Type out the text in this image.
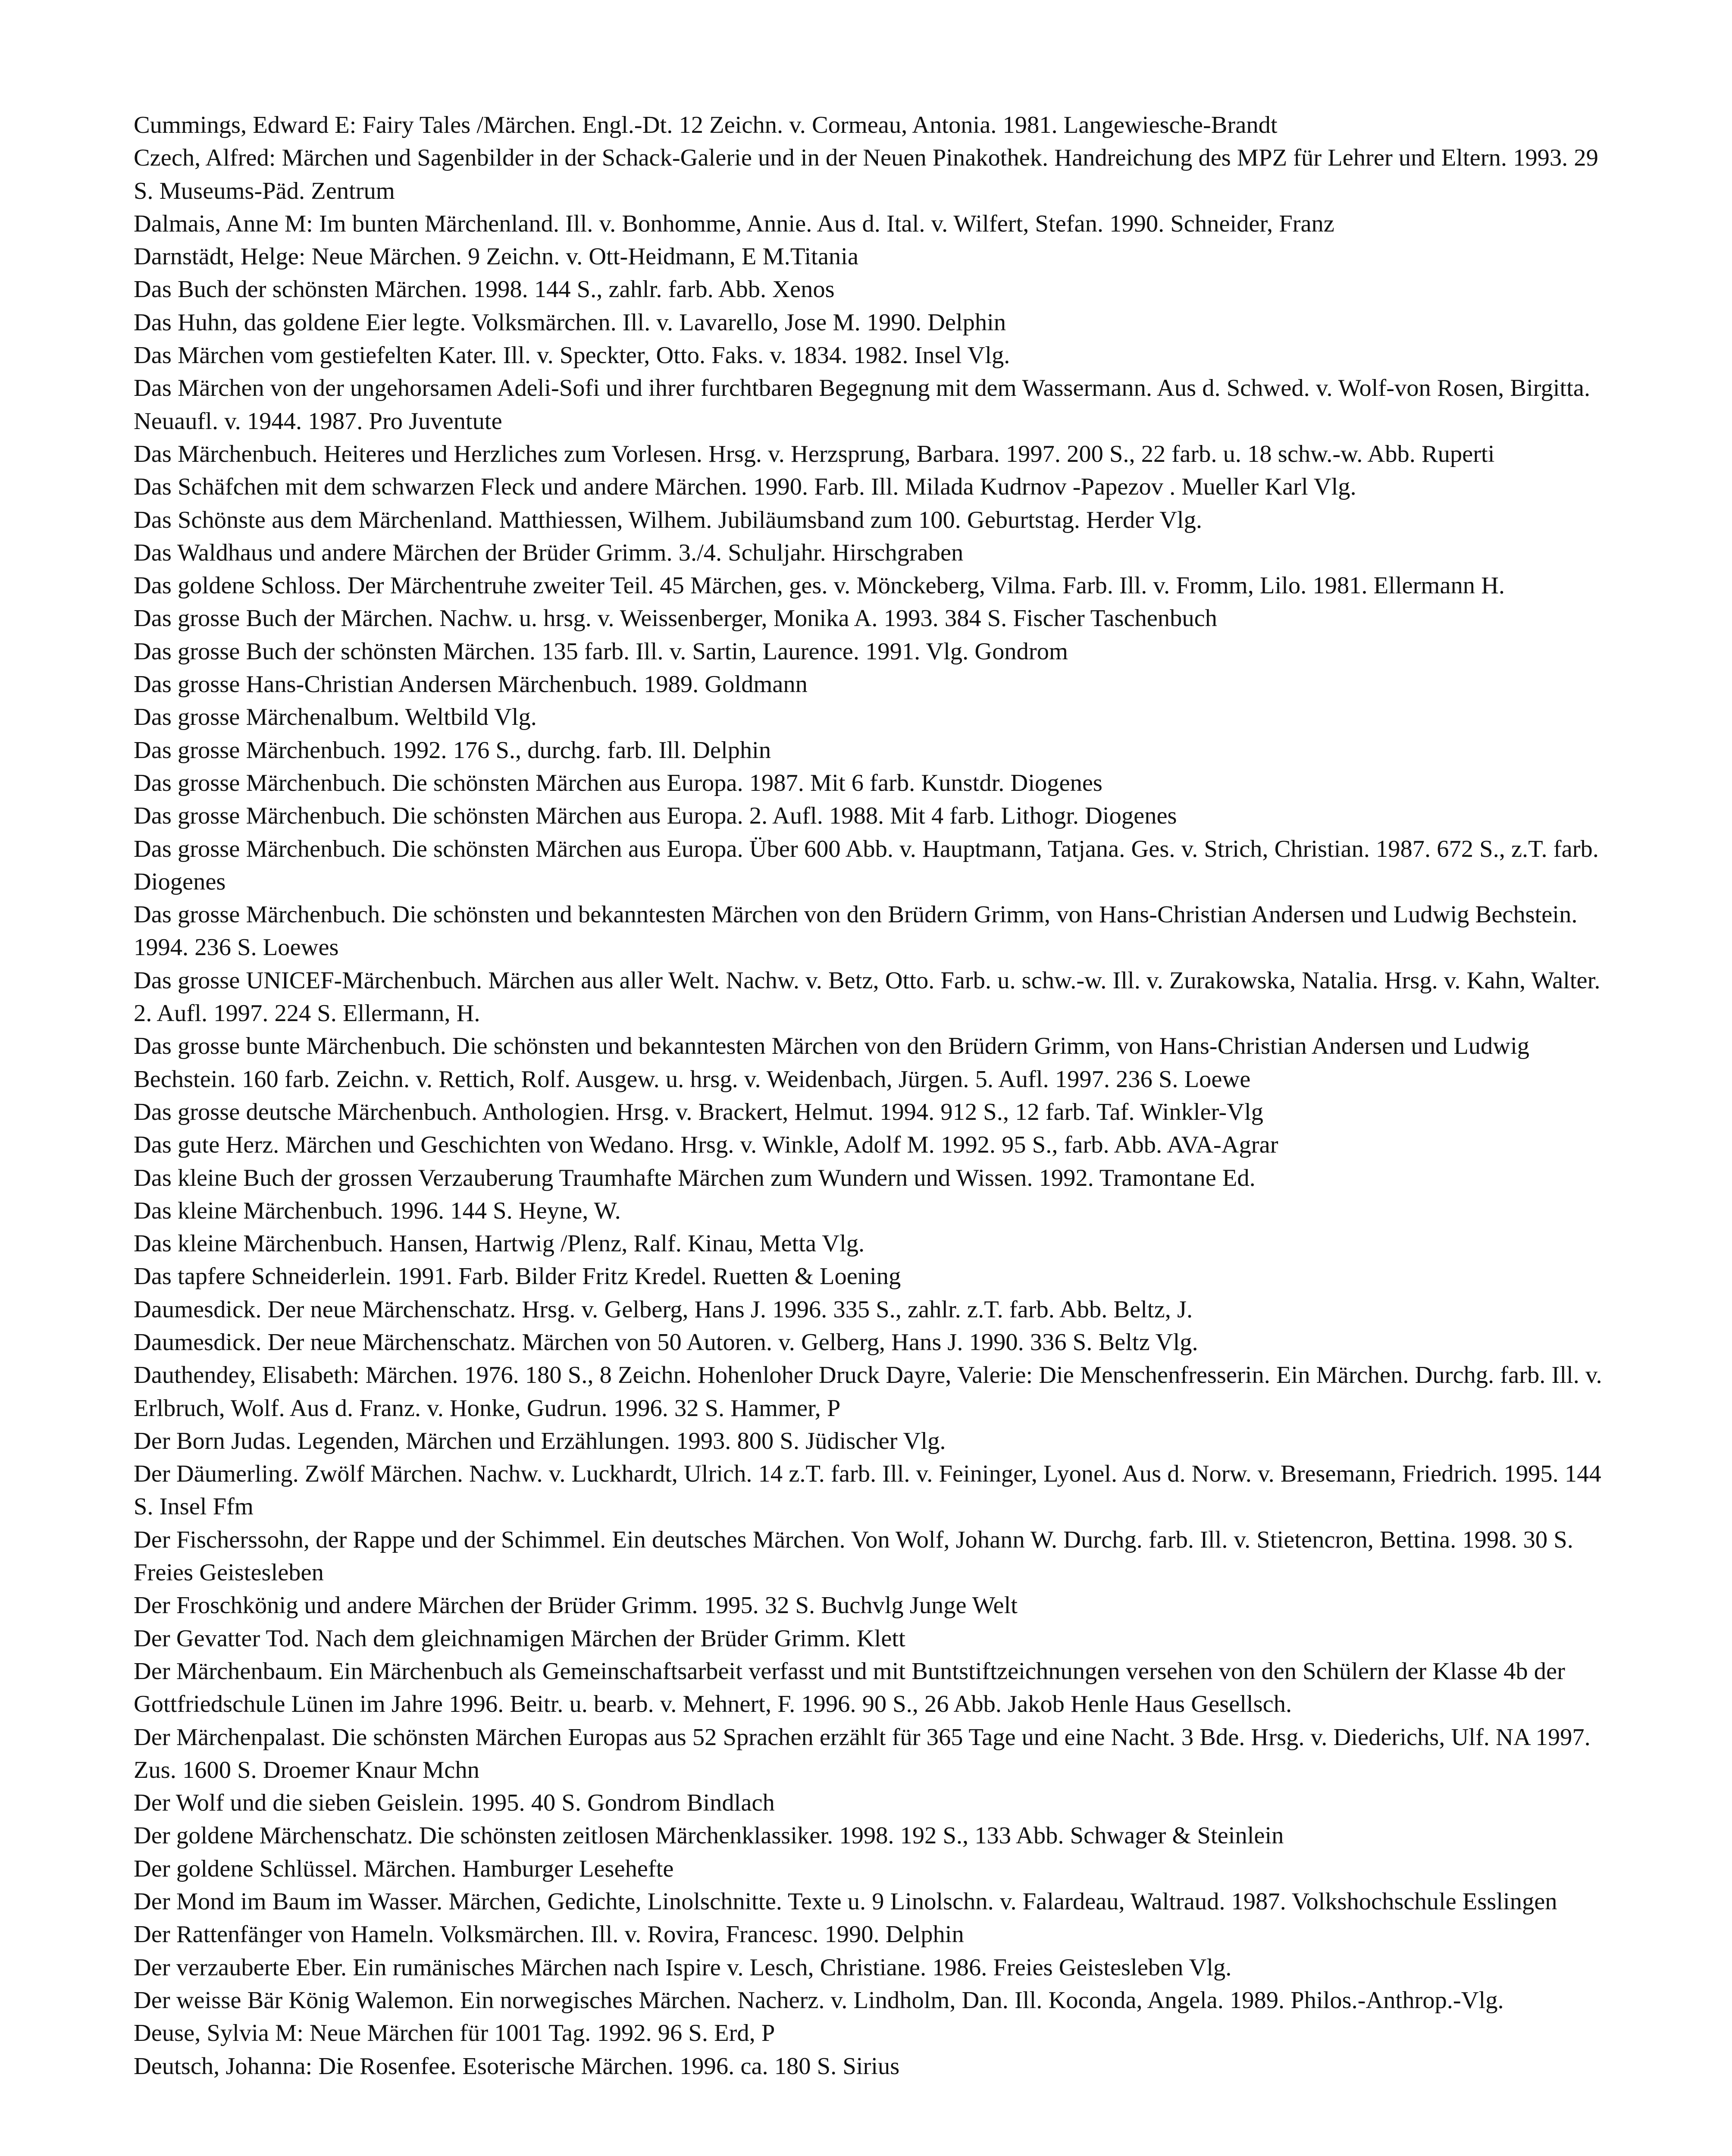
Cummings, Edward E: Fairy Tales /Märchen. Engl.-Dt. 12 Zeichn. v. Cormeau, Antonia. 1981. Langewiesche-Brandt
Czech, Alfred: Märchen und Sagenbilder in der Schack-Galerie und in der Neuen Pinakothek. Handreichung des MPZ für Lehrer und Eltern. 1993. 29 S. Museums-Päd. Zentrum
Dalmais, Anne M: Im bunten Märchenland. Ill. v. Bonhomme, Annie. Aus d. Ital. v. Wilfert, Stefan. 1990. Schneider, Franz
Darnstädt, Helge: Neue Märchen. 9 Zeichn. v. Ott-Heidmann, E M.Titania
Das Buch der schönsten Märchen. 1998. 144 S., zahlr. farb. Abb. Xenos
Das Huhn, das goldene Eier legte. Volksmärchen. Ill. v. Lavarello, Jose M. 1990. Delphin
Das Märchen vom gestiefelten Kater. Ill. v. Speckter, Otto. Faks. v. 1834. 1982. Insel Vlg.
Das Märchen von der ungehorsamen Adeli-Sofi und ihrer furchtbaren Begegnung mit dem Wassermann. Aus d. Schwed. v. Wolf-von Rosen, Birgitta. Neuaufl. v. 1944. 1987. Pro Juventute
Das Märchenbuch. Heiteres und Herzliches zum Vorlesen. Hrsg. v. Herzsprung, Barbara. 1997. 200 S., 22 farb. u. 18 schw.-w. Abb. Ruperti
Das Schäfchen mit dem schwarzen Fleck und andere Märchen. 1990. Farb. Ill. Milada Kudrnov -Papezov . Mueller Karl Vlg.
Das Schönste aus dem Märchenland. Matthiessen, Wilhem. Jubiläumsband zum 100. Geburtstag. Herder Vlg.
Das Waldhaus und andere Märchen der Brüder Grimm. 3./4. Schuljahr. Hirschgraben
Das goldene Schloss. Der Märchentruhe zweiter Teil. 45 Märchen, ges. v. Mönckeberg, Vilma. Farb. Ill. v. Fromm, Lilo. 1981. Ellermann H.
Das grosse Buch der Märchen. Nachw. u. hrsg. v. Weissenberger, Monika A. 1993. 384 S. Fischer Taschenbuch
Das grosse Buch der schönsten Märchen. 135 farb. Ill. v. Sartin, Laurence. 1991. Vlg. Gondrom
Das grosse Hans-Christian Andersen Märchenbuch. 1989. Goldmann
Das grosse Märchenalbum. Weltbild Vlg.
Das grosse Märchenbuch. 1992. 176 S., durchg. farb. Ill. Delphin
Das grosse Märchenbuch. Die schönsten Märchen aus Europa. 1987. Mit 6 farb. Kunstdr. Diogenes
Das grosse Märchenbuch. Die schönsten Märchen aus Europa. 2. Aufl. 1988. Mit 4 farb. Lithogr. Diogenes
Das grosse Märchenbuch. Die schönsten Märchen aus Europa. Über 600 Abb. v. Hauptmann, Tatjana. Ges. v. Strich, Christian. 1987. 672 S., z.T. farb. Diogenes
Das grosse Märchenbuch. Die schönsten und bekanntesten Märchen von den Brüdern Grimm, von Hans-Christian Andersen und Ludwig Bechstein. 1994. 236 S. Loewes
Das grosse UNICEF-Märchenbuch. Märchen aus aller Welt. Nachw. v. Betz, Otto. Farb. u. schw.-w. Ill. v. Zurakowska, Natalia. Hrsg. v. Kahn, Walter. 2. Aufl. 1997. 224 S. Ellermann, H.
Das grosse bunte Märchenbuch. Die schönsten und bekanntesten Märchen von den Brüdern Grimm, von Hans-Christian Andersen und Ludwig Bechstein. 160 farb. Zeichn. v. Rettich, Rolf. Ausgew. u. hrsg. v. Weidenbach, Jürgen. 5. Aufl. 1997. 236 S. Loewe
Das grosse deutsche Märchenbuch. Anthologien. Hrsg. v. Brackert, Helmut. 1994. 912 S., 12 farb. Taf. Winkler-Vlg
Das gute Herz. Märchen und Geschichten von Wedano. Hrsg. v. Winkle, Adolf M. 1992. 95 S., farb. Abb. AVA-Agrar
Das kleine Buch der grossen Verzauberung Traumhafte Märchen zum Wundern und Wissen. 1992. Tramontane Ed.
Das kleine Märchenbuch. 1996. 144 S. Heyne, W.
Das kleine Märchenbuch. Hansen, Hartwig /Plenz, Ralf. Kinau, Metta Vlg.
Das tapfere Schneiderlein. 1991. Farb. Bilder Fritz Kredel. Ruetten & Loening
Daumesdick. Der neue Märchenschatz. Hrsg. v. Gelberg, Hans J. 1996. 335 S., zahlr. z.T. farb. Abb. Beltz, J.
Daumesdick. Der neue Märchenschatz. Märchen von 50 Autoren. v. Gelberg, Hans J. 1990. 336 S. Beltz Vlg.
Dauthendey, Elisabeth: Märchen. 1976. 180 S., 8 Zeichn. Hohenloher Druck Dayre, Valerie: Die Menschenfresserin. Ein Märchen. Durchg. farb. Ill. v. Erlbruch, Wolf. Aus d. Franz. v. Honke, Gudrun. 1996. 32 S. Hammer, P
Der Born Judas. Legenden, Märchen und Erzählungen. 1993. 800 S. Jüdischer Vlg.
Der Däumerling. Zwölf Märchen. Nachw. v. Luckhardt, Ulrich. 14 z.T. farb. Ill. v. Feininger, Lyonel. Aus d. Norw. v. Bresemann, Friedrich. 1995. 144 S. Insel Ffm
Der Fischerssohn, der Rappe und der Schimmel. Ein deutsches Märchen. Von Wolf, Johann W. Durchg. farb. Ill. v. Stietencron, Bettina. 1998. 30 S. Freies Geistesleben
Der Froschkönig und andere Märchen der Brüder Grimm. 1995. 32 S. Buchvlg Junge Welt
Der Gevatter Tod. Nach dem gleichnamigen Märchen der Brüder Grimm. Klett
Der Märchenbaum. Ein Märchenbuch als Gemeinschaftsarbeit verfasst und mit Buntstiftzeichnungen versehen von den Schülern der Klasse 4b der Gottfriedschule Lünen im Jahre 1996. Beitr. u. bearb. v. Mehnert, F. 1996. 90 S., 26 Abb. Jakob Henle Haus Gesellsch.
Der Märchenpalast. Die schönsten Märchen Europas aus 52 Sprachen erzählt für 365 Tage und eine Nacht. 3 Bde. Hrsg. v. Diederichs, Ulf. NA 1997. Zus. 1600 S. Droemer Knaur Mchn
Der Wolf und die sieben Geislein. 1995. 40 S. Gondrom Bindlach
Der goldene Märchenschatz. Die schönsten zeitlosen Märchenklassiker. 1998. 192 S., 133 Abb. Schwager & Steinlein
Der goldene Schlüssel. Märchen. Hamburger Lesehefte
Der Mond im Baum im Wasser. Märchen, Gedichte, Linolschnitte. Texte u. 9 Linolschn. v. Falardeau, Waltraud. 1987. Volkshochschule Esslingen
Der Rattenfänger von Hameln. Volksmärchen. Ill. v. Rovira, Francesc. 1990. Delphin
Der verzauberte Eber. Ein rumänisches Märchen nach Ispire v. Lesch, Christiane. 1986. Freies Geistesleben Vlg.
Der weisse Bär König Walemon. Ein norwegisches Märchen. Nacherz. v. Lindholm, Dan. Ill. Koconda, Angela. 1989. Philos.-Anthrop.-Vlg.
Deuse, Sylvia M: Neue Märchen für 1001 Tag. 1992. 96 S. Erd, P
Deutsch, Johanna: Die Rosenfee. Esoterische Märchen. 1996. ca. 180 S. Sirius
